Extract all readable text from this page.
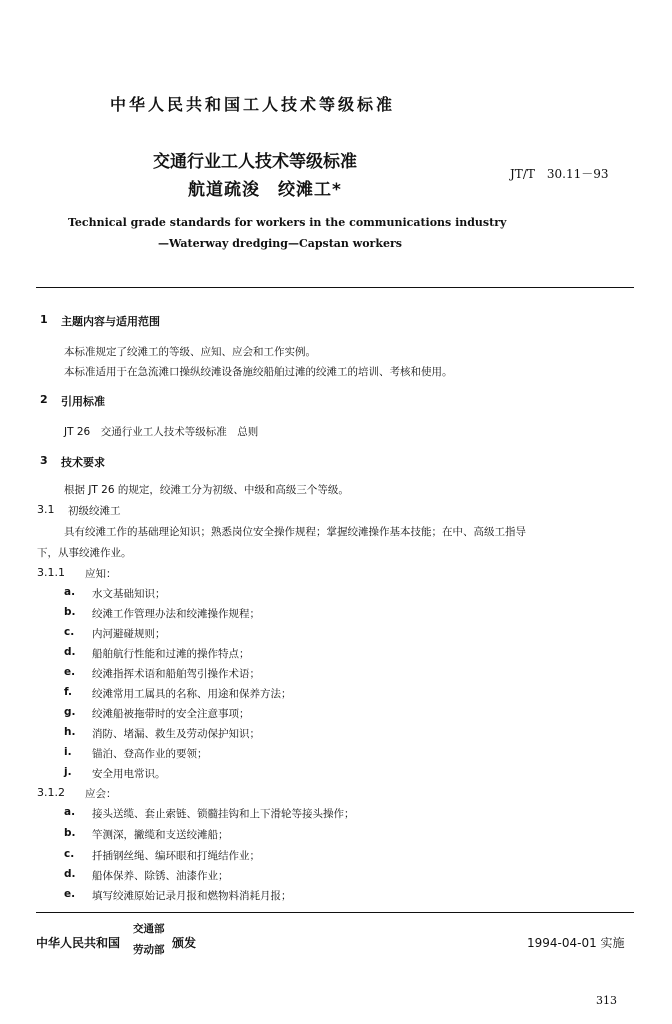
中华人民共和国工人技术等级标准
交通行业工人技术等级标准
航道疏浚　绞滩工*
JT/T　30.11－93
Technical grade standards for workers in the communications industry
—Waterway dredging—Capstan workers
1 主题内容与适用范围
本标准规定了绞滩工的等级、应知、应会和工作实例。
本标准适用于在急流滩口操纵绞滩设备施绞船舶过滩的绞滩工的培训、考核和使用。
2 引用标准
JT 26　交通行业工人技术等级标准　总则
3 技术要求
根据 JT 26 的规定，绞滩工分为初级、中级和高级三个等级。
3.1 初级绞滩工
具有绞滩工作的基础理论知识；熟悉岗位安全操作规程；掌握绞滩操作基本技能；在中、高级工指导
下，从事绞滩作业。
3.1.1 应知：
a. 水文基础知识；
b. 绞滩工作管理办法和绞滩操作规程；
c. 内河避碰规则；
d. 船舶航行性能和过滩的操作特点；
e. 绞滩指挥术语和船舶驾引操作术语；
f. 绞滩常用工属具的名称、用途和保养方法；
g. 绞滩船被拖带时的安全注意事项；
h. 消防、堵漏、救生及劳动保护知识；
i. 锚泊、登高作业的要领；
j. 安全用电常识。
3.1.2 应会：
a. 接头送缆、套止索链、锁髓挂钩和上下滑轮等接头操作；
b. 竿测深，撇缆和支送绞滩船；
c. 扦插钢丝绳、编环眼和打绳结作业；
d. 船体保养、除锈、油漆作业；
e. 填写绞滩原始记录月报和燃物料消耗月报；
中华人民共和国
交通部
劳动部 颁发	1994-04-01 实施
313
